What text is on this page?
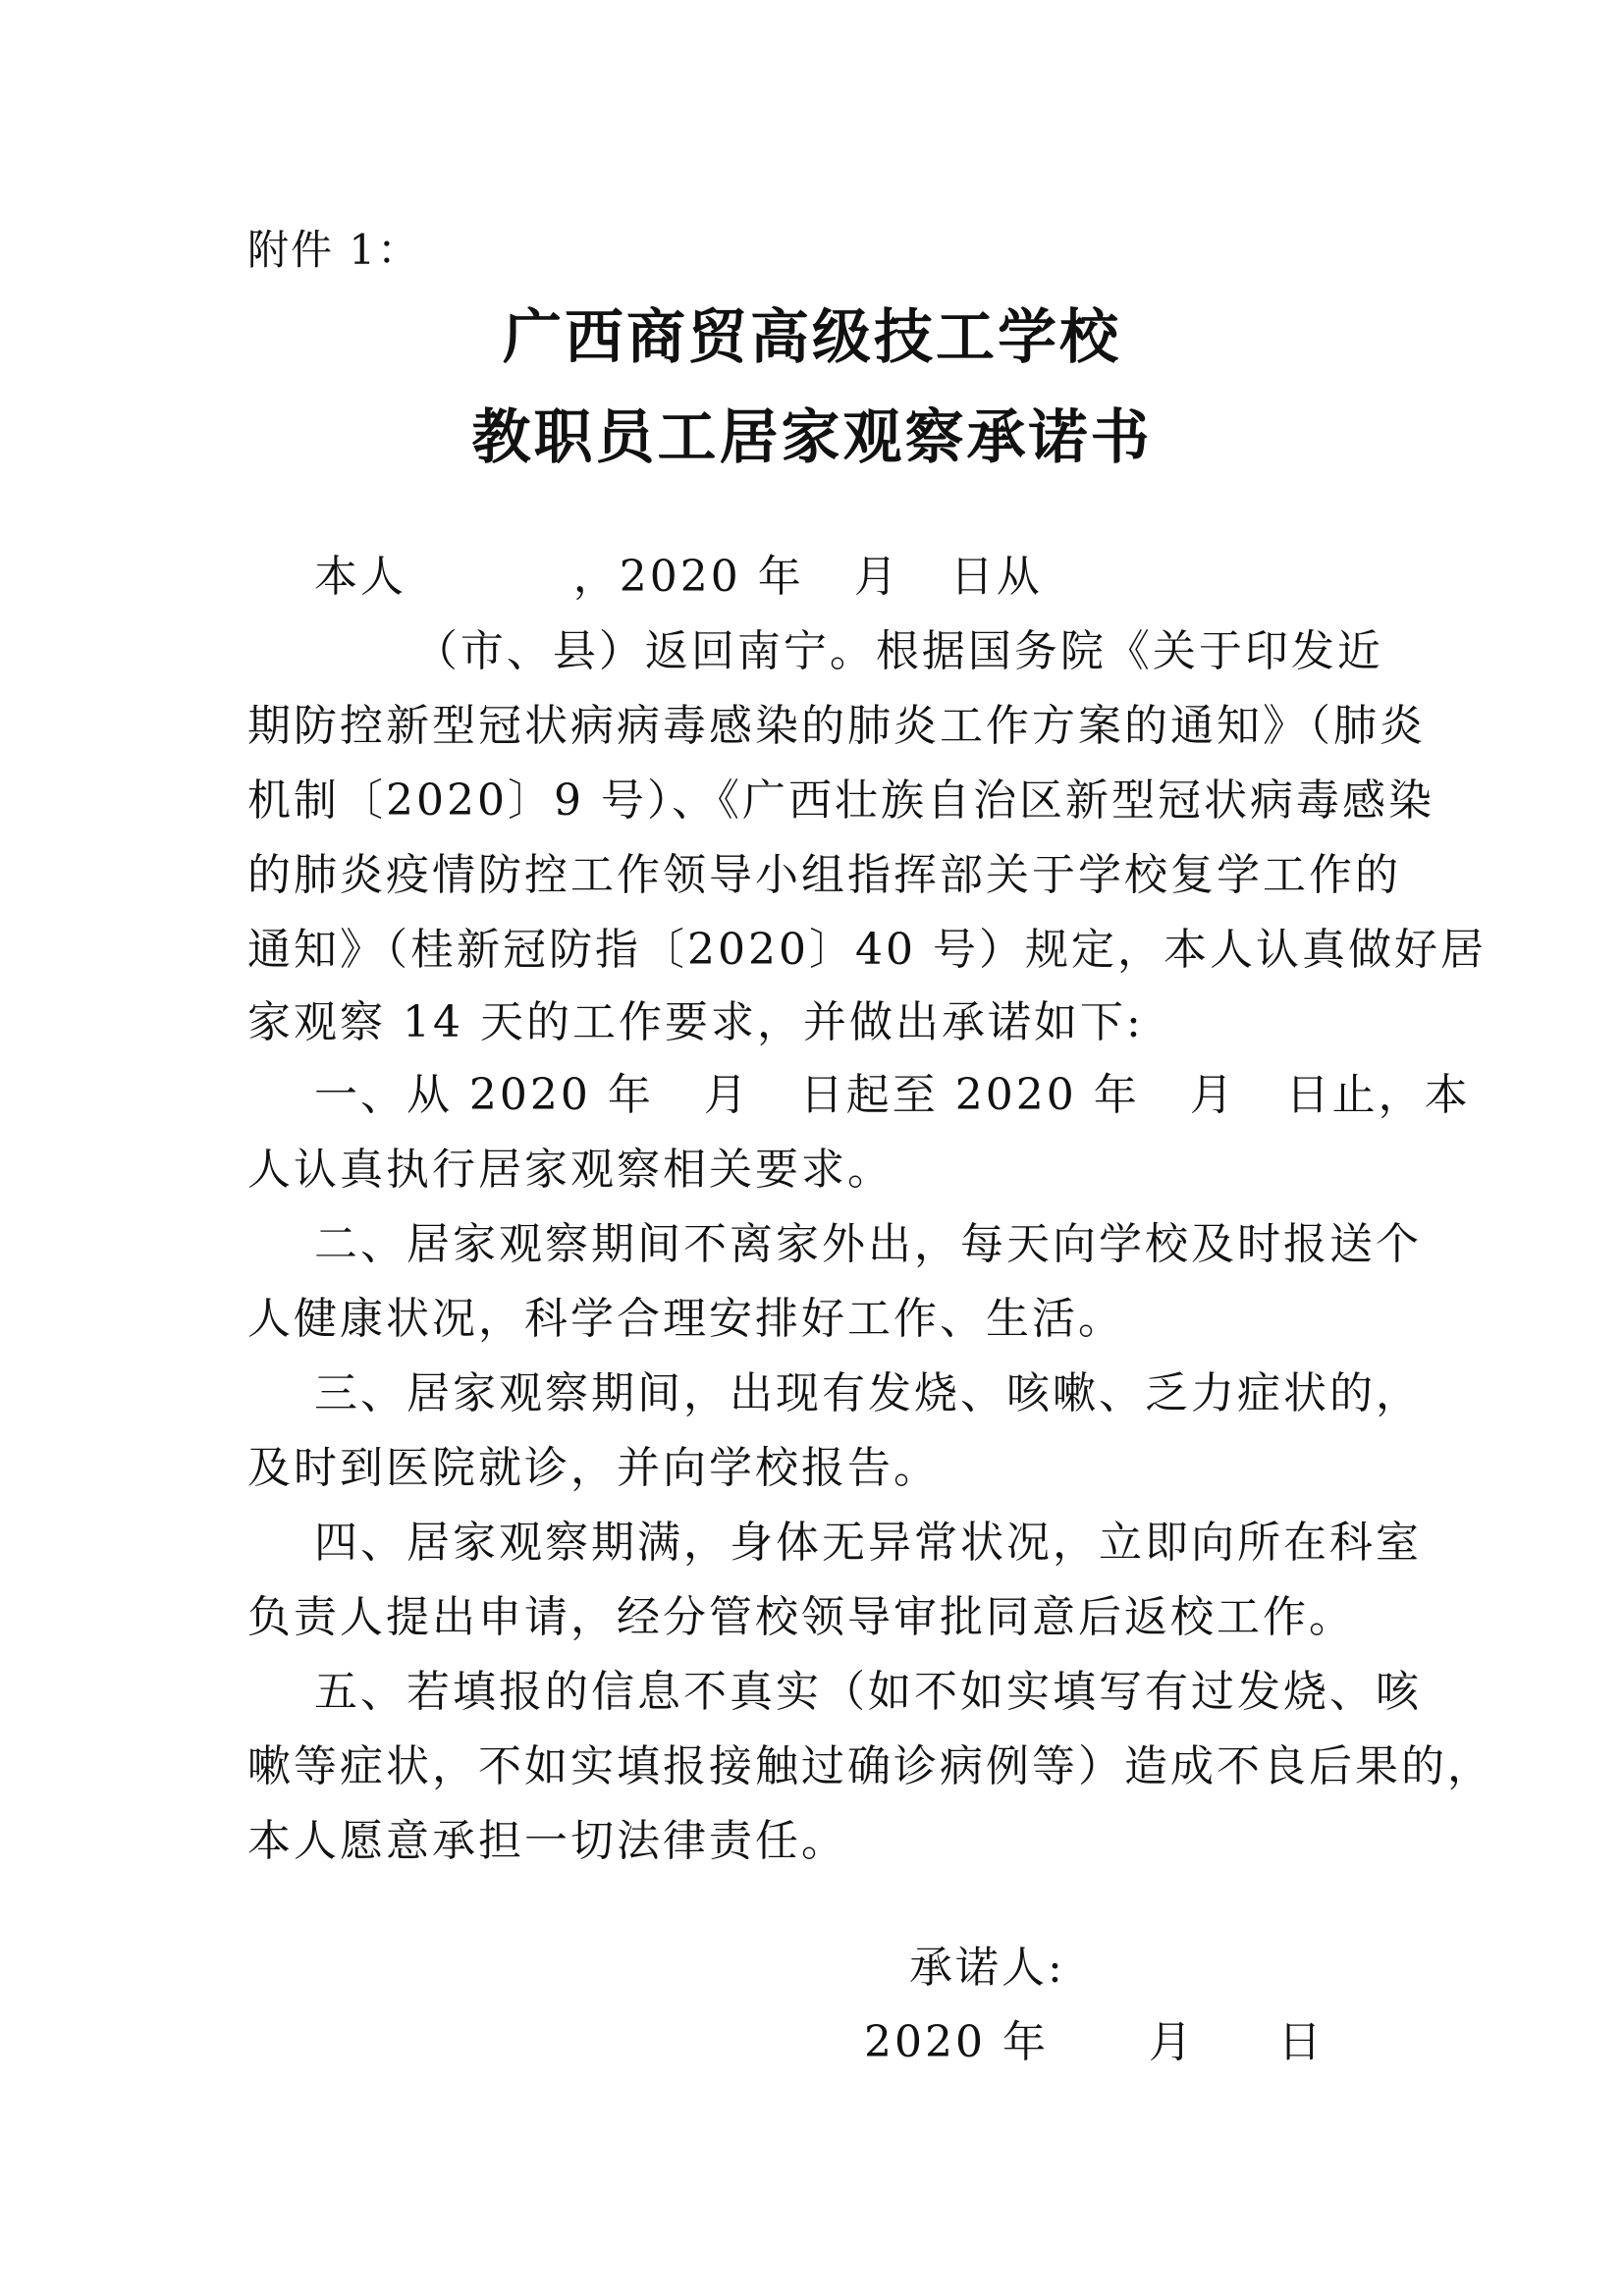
附件 1：
广西商贸高级技工学校
教职员工居家观察承诺书
本人          ，2020 年   月   日从
（市、县）返回南宁。根据国务院《关于印发近
期防控新型冠状病病毒感染的肺炎工作方案的通知》（肺炎
机制〔2020〕9 号）、《广西壮族自治区新型冠状病毒感染
的肺炎疫情防控工作领导小组指挥部关于学校复学工作的
通知》（桂新冠防指〔2020〕40 号）规定，本人认真做好居
家观察 14 天的工作要求，并做出承诺如下:
一、从 2020 年   月   日起至 2020 年   月   日止，本
人认真执行居家观察相关要求。
二、居家观察期间不离家外出，每天向学校及时报送个
人健康状况，科学合理安排好工作、生活。
三、居家观察期间，出现有发烧、咳嗽、乏力症状的，
及时到医院就诊，并向学校报告。
四、居家观察期满，身体无异常状况，立即向所在科室
负责人提出申请，经分管校领导审批同意后返校工作。
五、若填报的信息不真实（如不如实填写有过发烧、咳
嗽等症状，不如实填报接触过确诊病例等）造成不良后果的，
本人愿意承担一切法律责任。
承诺人:
2020 年      月     日
